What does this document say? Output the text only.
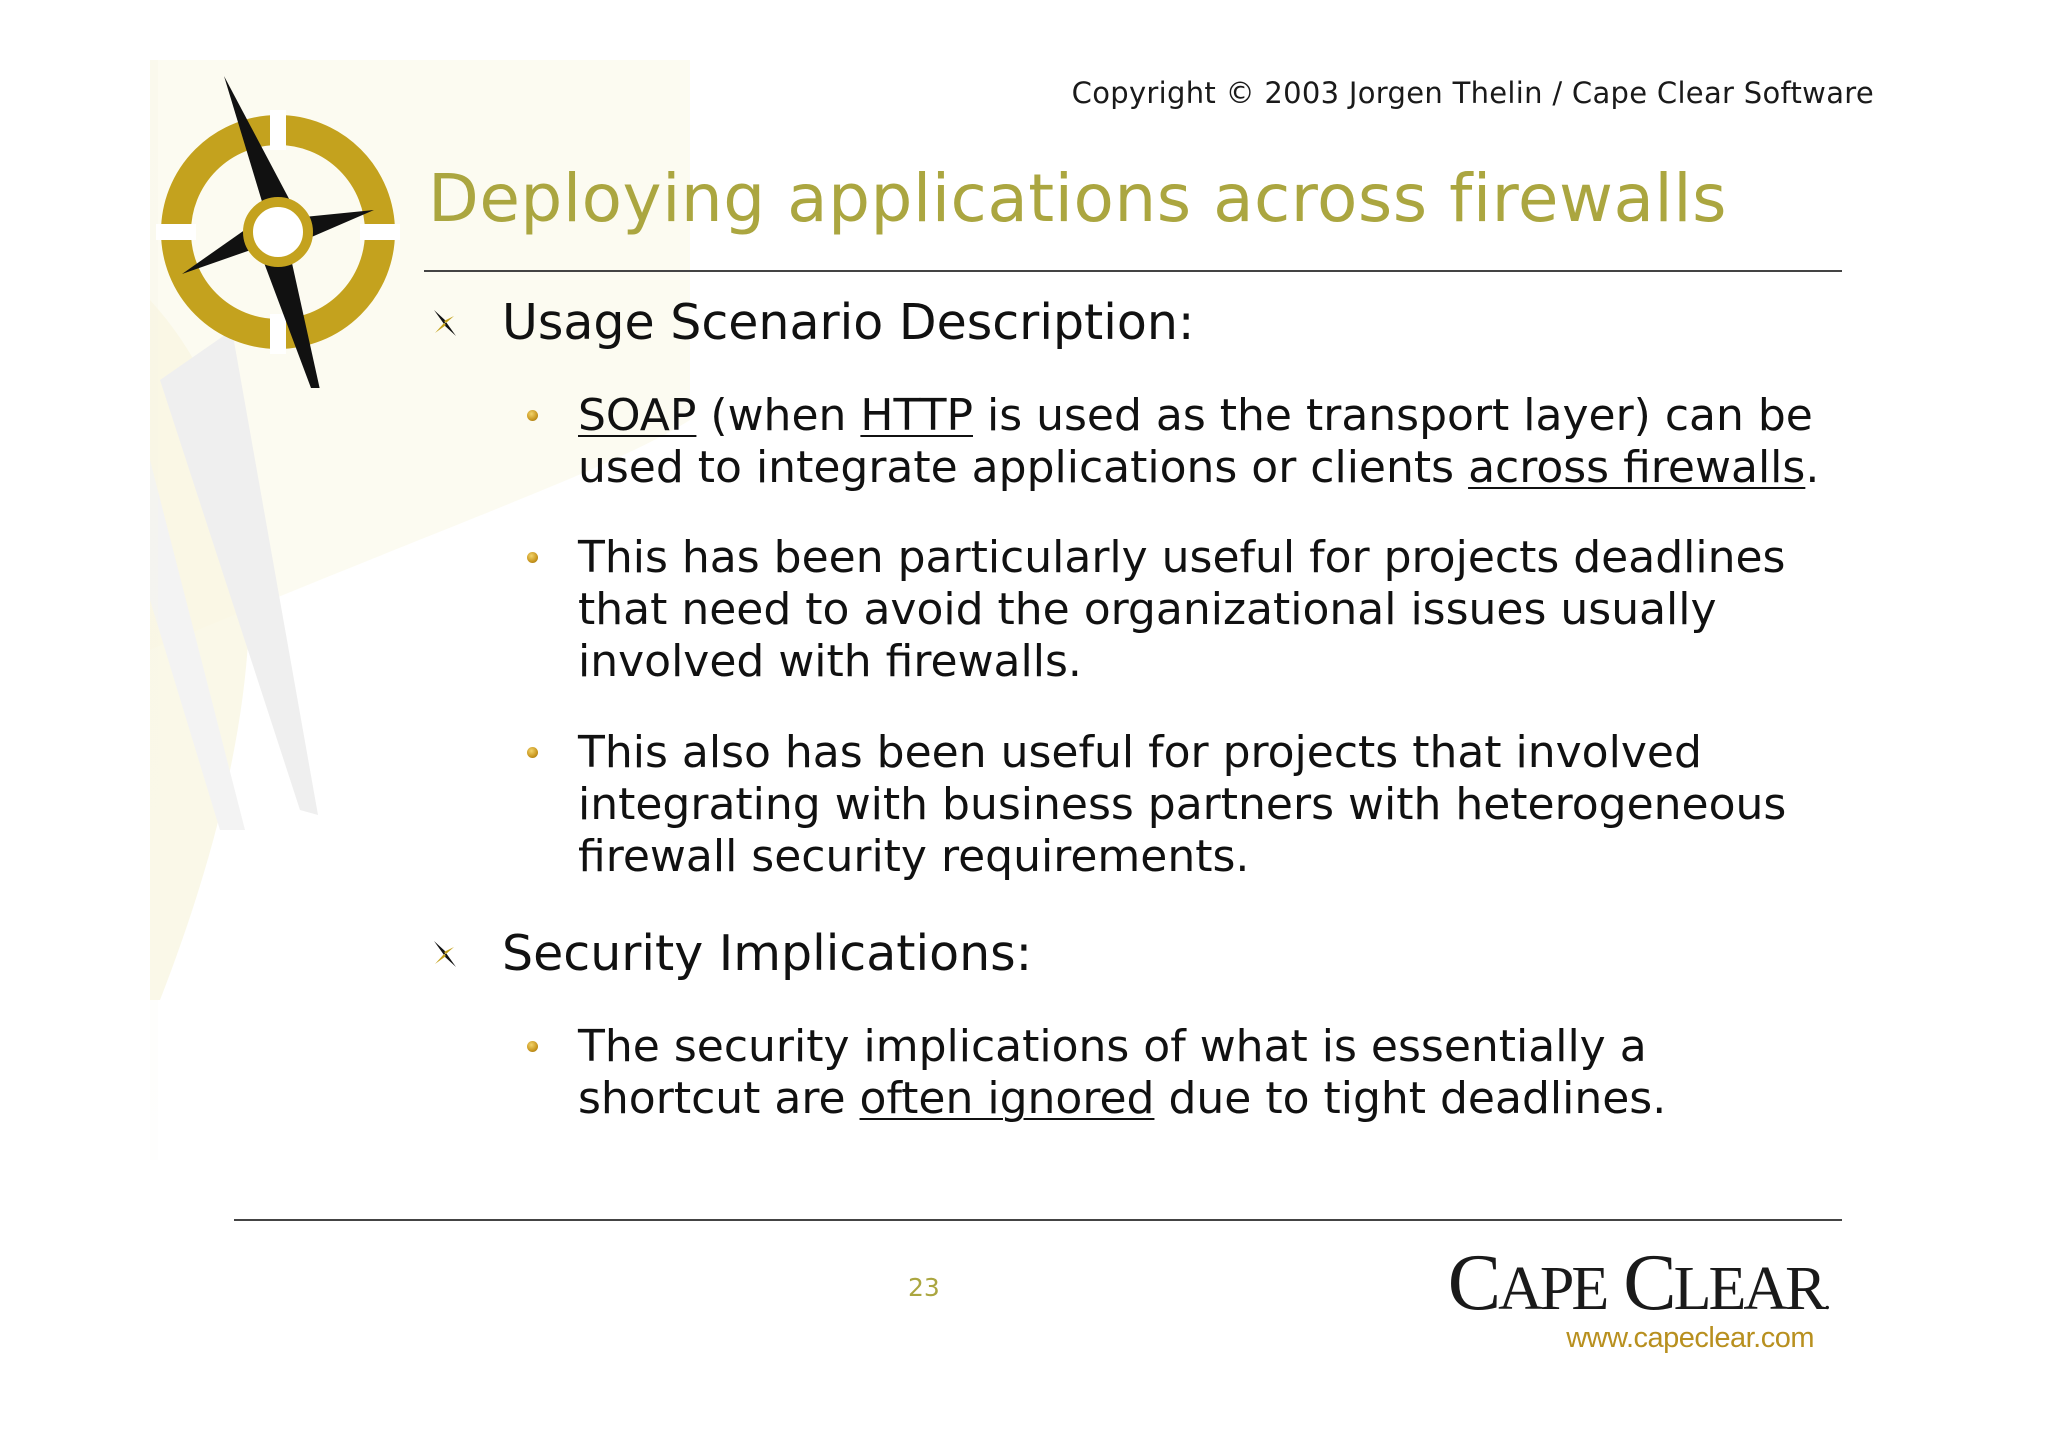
Copyright © 2003 Jorgen Thelin / Cape Clear Software
Deploying applications across firewalls
Usage Scenario Description:
SOAP (when HTTP is used as the transport layer) can be used to integrate applications or clients across firewalls.
This has been particularly useful for projects deadlines that need to avoid the organizational issues usually involved with firewalls.
This also has been useful for projects that involved integrating with business partners with heterogeneous firewall security requirements.
Security Implications:
The security implications of what is essentially a shortcut are often ignored due to tight deadlines.
23	CAPE CLEAR.
www.capeclear.com
